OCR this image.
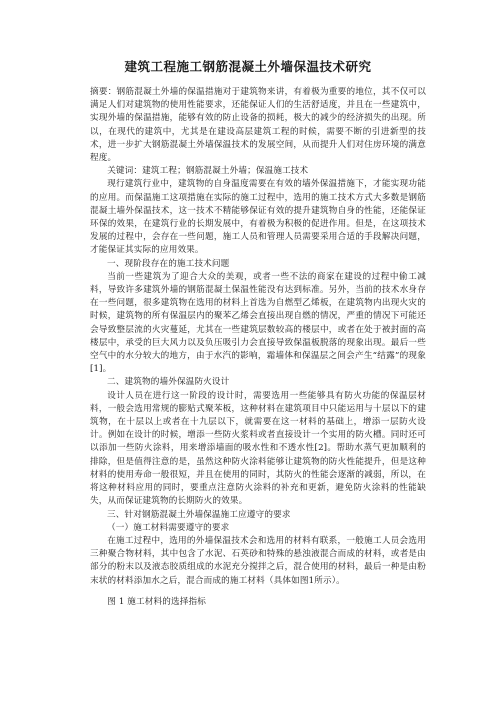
建筑工程施工钢筋混凝土外墙保温技术研究

摘要：钢筋混凝土外墙的保温措施对于建筑物来讲，有着极为重要的地位，其不仅可以满足人们对建筑物的使用性能要求，还能保证人们的生活舒适度，并且在一些建筑中，实现外墙的保温措施，能够有效的防止设备的损耗，极大的减少的经济损失的出现。所以，在现代的建筑中，尤其是在建设高层建筑工程的时候，需要不断的引进新型的技术，进一步扩大钢筋混凝土外墙保温技术的发展空间，从而提升人们对住房环境的满意程度。

关键词：建筑工程；钢筋混凝土外墙；保温施工技术

现行建筑行业中，建筑物的自身温度需要在有效的墙外保温措施下，才能实现功能的应用。而保温施工这项措施在实际的施工过程中，选用的施工技术方式大多数是钢筋混凝土墙外保温技术，这一技术不精能够保证有效的提升建筑物自身的性能，还能保证环保的效果，在建筑行业的长期发展中，有着极为积极的促进作用。但是，在这项技术发展的过程中，会存在一些问题，施工人员和管理人员需要采用合适的手段解决问题，才能保证其实际的应用效果。

一、现阶段存在的施工技术问题

当前一些建筑为了迎合大众的美观，或者一些不法的商家在建设的过程中偷工减料，导致许多建筑外墙的钢筋混凝土保温性能没有达到标准。另外，当前的技术水身存在一些问题，很多建筑物在选用的材料上首选为自燃型乙烯板，在建筑物内出现火灾的时候，建筑物的所有保温层内的聚苯乙烯会直接出现自燃的情况，严重的情况下可能还会导致整层流的火灾蔓延，尤其在一些建筑层数较高的楼层中，或者在处于被封面的高楼层中，承受的巨大风力以及负压吸引力会直接导致保温板脱落的现象出现。最后一些空气中的水分较大的地方，由于水汽的影响，霜墙体和保温层之间会产生“结露”的现象[1]。

二、建筑物的墙外保温防火设计

设计人员在进行这一阶段的设计时，需要选用一些能够具有防火功能的保温层材料，一般会选用常规的膨贴式聚苯板，这种材料在建筑项目中只能运用与十层以下的建筑物，在十层以上或者在十九层以下，就需要在这一材料的基础上，增添一层防火设计。例如在设计的时候，增添一些防火浆料或者直接设计一个实用的防火槽。同时还可以添加一些防火涂料，用来增添墙面的吸水性和不透水性[2]。帮助水蒸气更加顺利的排除，但是值得注意的是，虽然这种防火涂料能够让建筑物的防火性能提升，但是这种材料的使用寿命一般很短，并且在使用的同时，其防火的性能会逐渐的减弱，所以，在将这种材料应用的同时，要重点注意防火涂料的补充和更新，避免防火涂料的性能缺失，从而保证建筑物的长期防火的效果。

三、针对钢筋混凝土外墙保温施工应遵守的要求

（一）施工材料需要遵守的要求

在施工过程中，选用的外墙保温技术会和选用的材料有联系，一般施工人员会选用三种聚合物材料，其中包含了水泥、石英砂和特殊的悬浊液混合而成的材料，或者是由部分的粉末以及液态胶质组成的水泥充分搅拌之后，混合使用的材料，最后一种是由粉末状的材料添加水之后，混合而成的施工材料（具体如图1所示）。

图 1 施工材料的选择指标
